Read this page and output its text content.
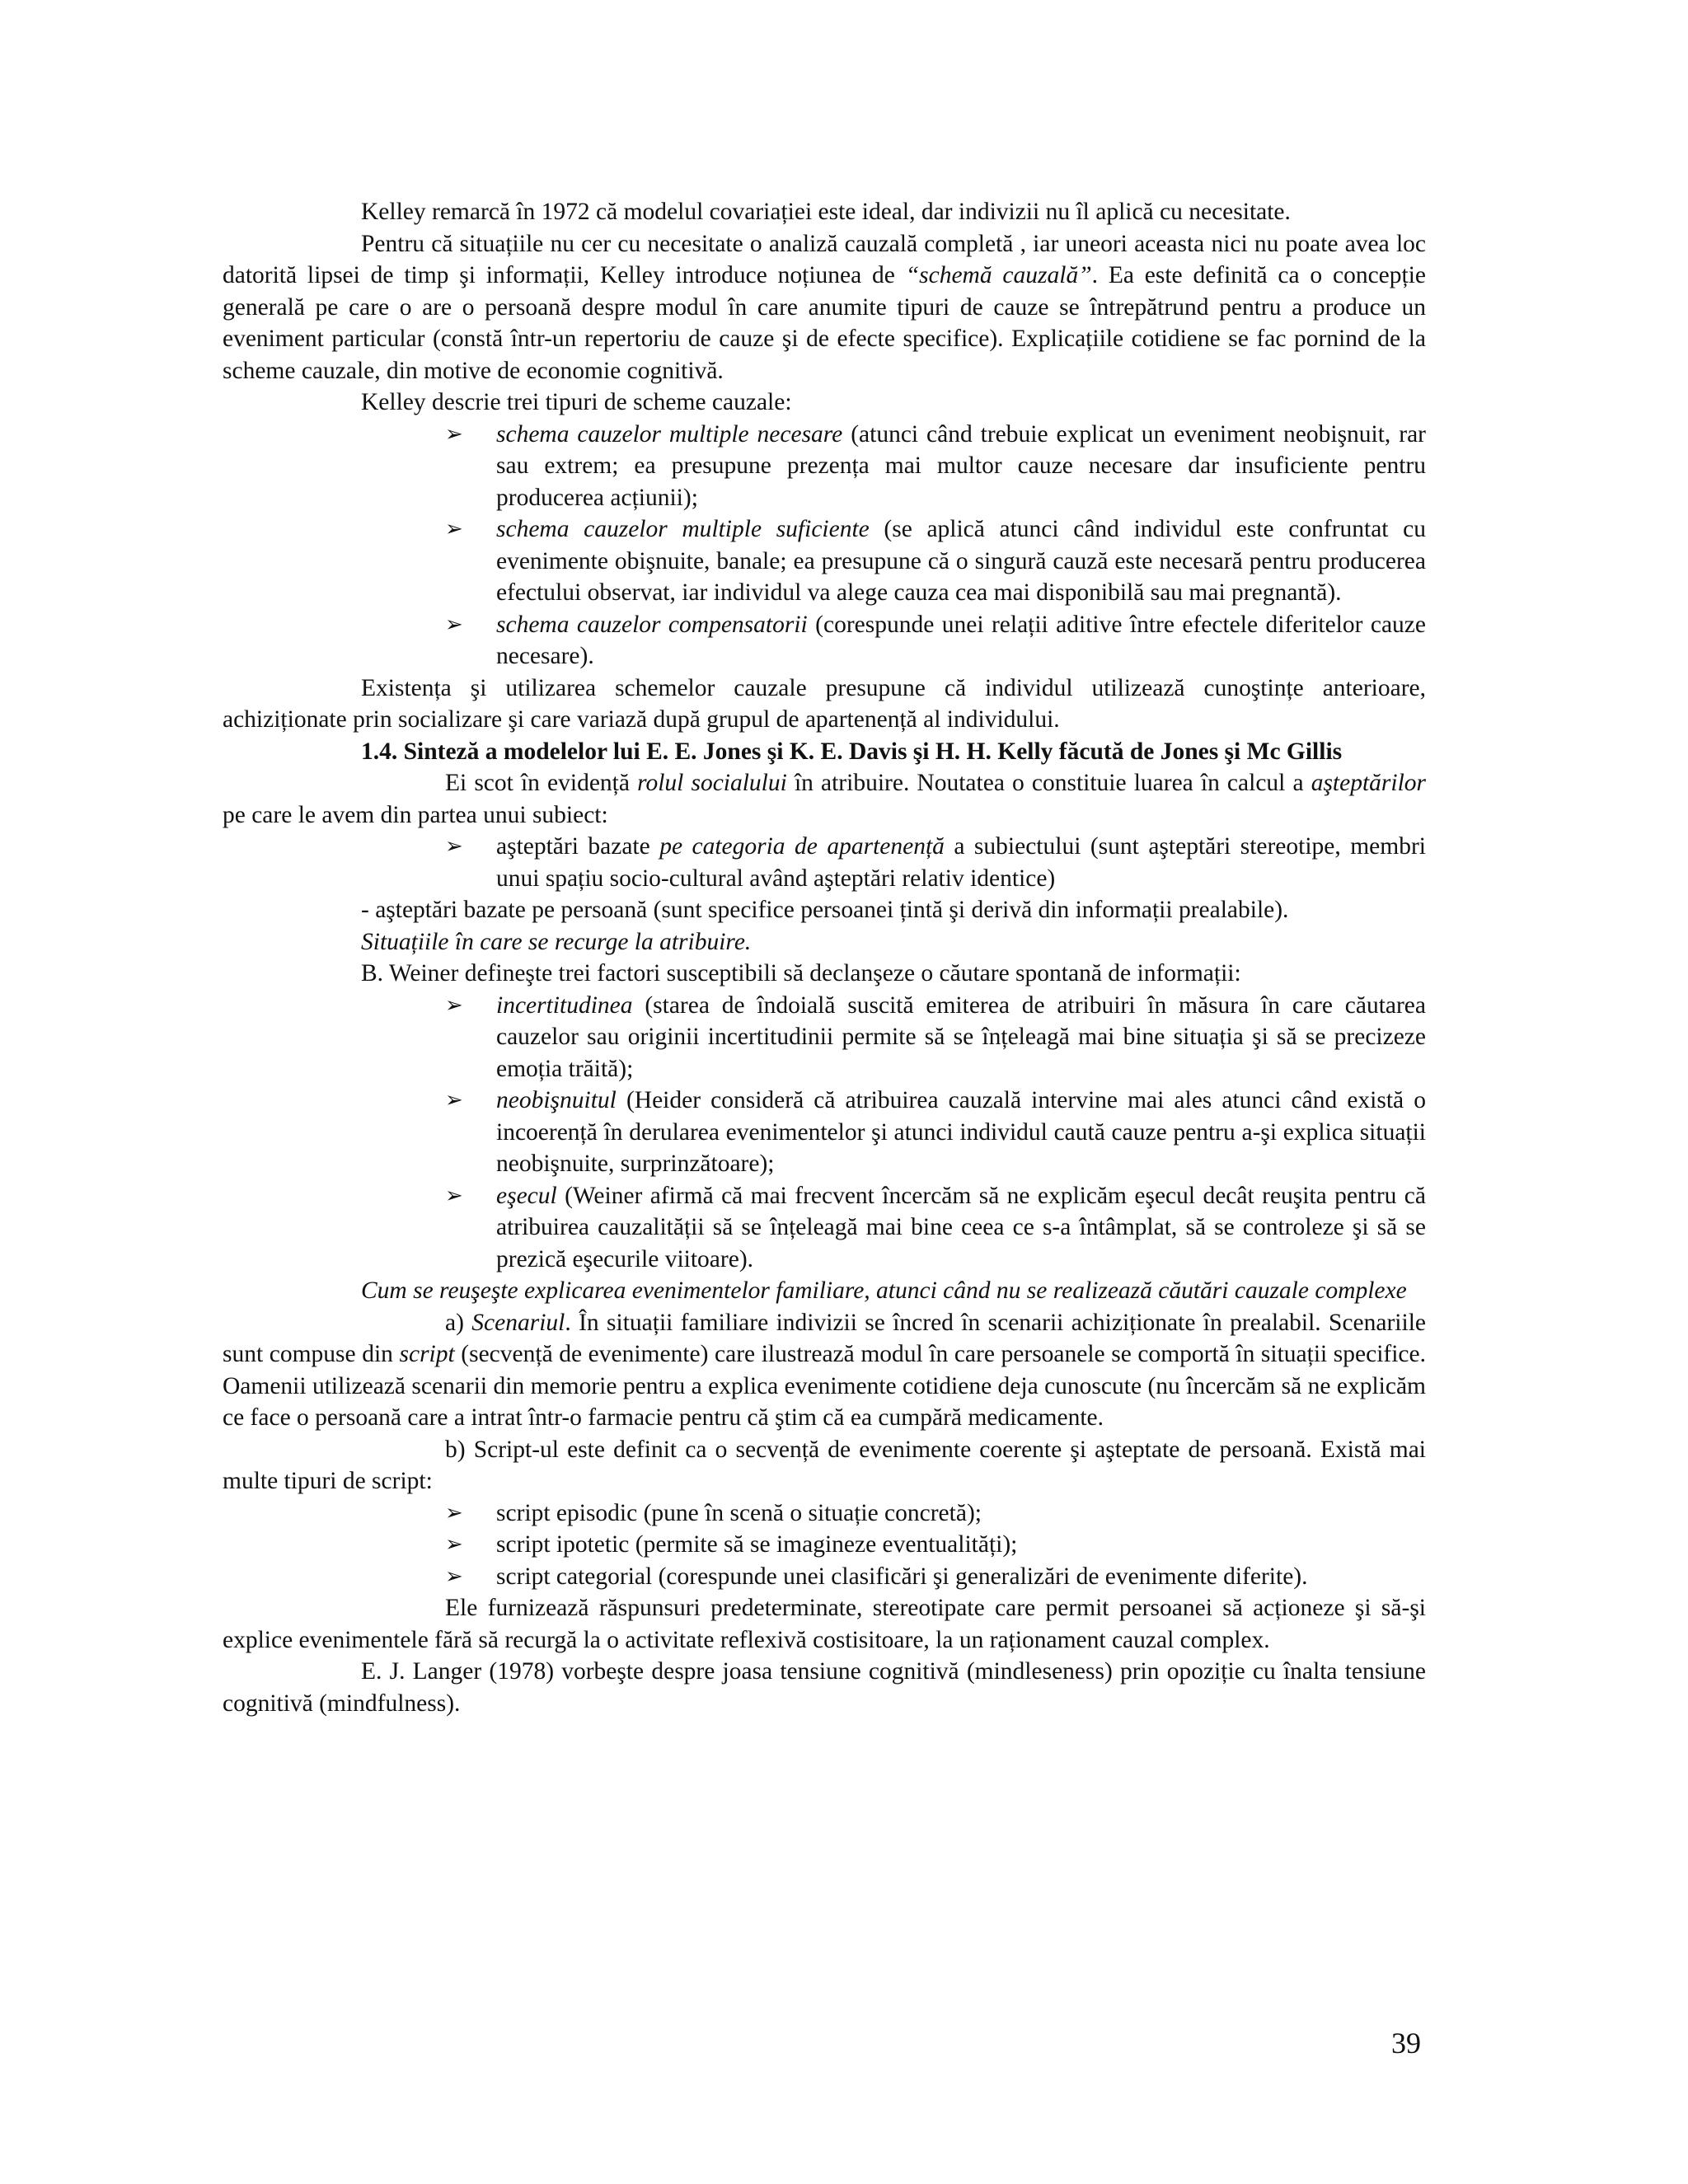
Kelley remarcă în 1972 că modelul covariației este ideal, dar indivizii nu îl aplică cu necesitate.

Pentru că situațiile nu cer cu necesitate o analiză cauzală completă , iar uneori aceasta nici nu poate avea loc datorită lipsei de timp şi informații, Kelley introduce noțiunea de “schemă cauzală”. Ea este definită ca o concepție generală pe care o are o persoană despre modul în care anumite tipuri de cauze se întrepătrund pentru a produce un eveniment particular (constă într-un repertoriu de cauze şi de efecte specifice). Explicațiile cotidiene se fac pornind de la scheme cauzale, din motive de economie cognitivă.

Kelley descrie trei tipuri de scheme cauzale:

➢ schema cauzelor multiple necesare (atunci când trebuie explicat un eveniment neobişnuit, rar sau extrem; ea presupune prezența mai multor cauze necesare dar insuficiente pentru producerea acțiunii);
➢ schema cauzelor multiple suficiente (se aplică atunci când individul este confruntat cu evenimente obişnuite, banale; ea presupune că o singură cauză este necesară pentru producerea efectului observat, iar individul va alege cauza cea mai disponibilă sau mai pregnantă).
➢ schema cauzelor compensatorii (corespunde unei relații aditive între efectele diferitelor cauze necesare).

Existența şi utilizarea schemelor cauzale presupune că individul utilizează cunoştințe anterioare, achiziționate prin socializare şi care variază după grupul de apartenență al individului.

1.4. Sinteză a modelelor lui E. E. Jones şi K. E. Davis şi H. H. Kelly făcută de Jones şi Mc Gillis

Ei scot în evidență rolul socialului în atribuire. Noutatea o constituie luarea în calcul a aşteptărilor pe care le avem din partea unui subiect:

➢ aşteptări bazate pe categoria de apartenență a subiectului (sunt aşteptări stereotipe, membri unui spațiu socio-cultural având aşteptări relativ identice)

- aşteptări bazate pe persoană (sunt specifice persoanei țintă şi derivă din informații prealabile).

Situațiile în care se recurge la atribuire.

B. Weiner defineşte trei factori susceptibili să declanşeze o căutare spontană de informații:

➢ incertitudinea (starea de îndoială suscită emiterea de atribuiri în măsura în care căutarea cauzelor sau originii incertitudinii permite să se înțeleagă mai bine situația şi să se precizeze emoția trăită);
➢ neobişnuitul (Heider consideră că atribuirea cauzală intervine mai ales atunci când există o incoerență în derularea evenimentelor şi atunci individul caută cauze pentru a-şi explica situații neobişnuite, surprinzătoare);
➢ eşecul (Weiner afirmă că mai frecvent încercăm să ne explicăm eşecul decât reuşita pentru că atribuirea cauzalității să se înțeleagă mai bine ceea ce s-a întâmplat, să se controleze şi să se prezică eşecurile viitoare).

Cum se reuşeşte explicarea evenimentelor familiare, atunci când nu se realizează căutări cauzale complexe

a) Scenariul. În situații familiare indivizii se încred în scenarii achiziționate în prealabil. Scenariile sunt compuse din script (secvență de evenimente) care ilustrează modul în care persoanele se comportă în situații specifice. Oamenii utilizează scenarii din memorie pentru a explica evenimente cotidiene deja cunoscute (nu încercăm să ne explicăm ce face o persoană care a intrat într-o farmacie pentru că ştim că ea cumpără medicamente.

b) Script-ul este definit ca o secvență de evenimente coerente şi aşteptate de persoană. Există mai multe tipuri de script:

➢ script episodic (pune în scenă o situație concretă);
➢ script ipotetic (permite să se imagineze eventualități);
➢ script categorial (corespunde unei clasificări şi generalizări de evenimente diferite).

Ele furnizează răspunsuri predeterminate, stereotipate care permit persoanei să acționeze şi să-şi explice evenimentele fără să recurgă la o activitate reflexivă costisitoare, la un raționament cauzal complex.

E. J. Langer (1978) vorbeşte despre joasa tensiune cognitivă (mindleseness) prin opoziție cu înalta tensiune cognitivă (mindfulness).

39
